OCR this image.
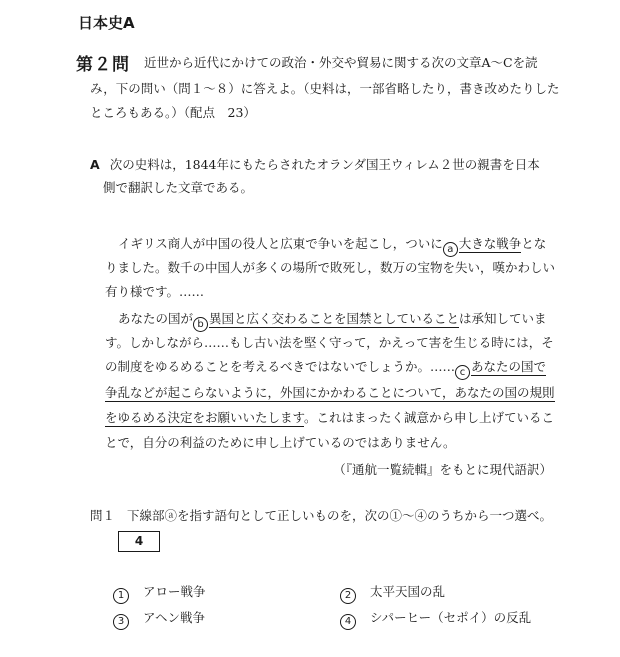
日本史A
第２問 近世から近代にかけての政治・外交や貿易に関する次の文章A〜Cを読
み，下の問い（問１〜８）に答えよ。（史料は，一部省略したり，書き改めたりした
ところもある。）（配点　23）
A 次の史料は，1844年にもたらされたオランダ国王ウィレム２世の親書を日本
側で翻訳した文章である。
イギリス商人が中国の役人と広東で争いを起こし，ついに a 大きな戦争とな
りました。数千の中国人が多くの場所で敗死し，数万の宝物を失い，嘆かわしい
有り様です。……
あなたの国が b 異国と広く交わることを国禁としていることは承知していま
す。しかしながら……もし古い法を堅く守って，かえって害を生じる時には，そ
の制度をゆるめることを考えるべきではないでしょうか。…… c あなたの国で
争乱などが起こらないように，外国にかかわることについて，あなたの国の規則
をゆるめる決定をお願いいたします。これはまったく誠意から申し上げているこ
とで，自分の利益のために申し上げているのではありません。
（『通航一覧続輯』をもとに現代語訳）
問１ 下線部ⓐを指す語句として正しいものを，次の①〜④のうちから一つ選べ。
4
1 アロー戦争	2 太平天国の乱
3 アヘン戦争	4 シパーヒー（セポイ）の反乱
